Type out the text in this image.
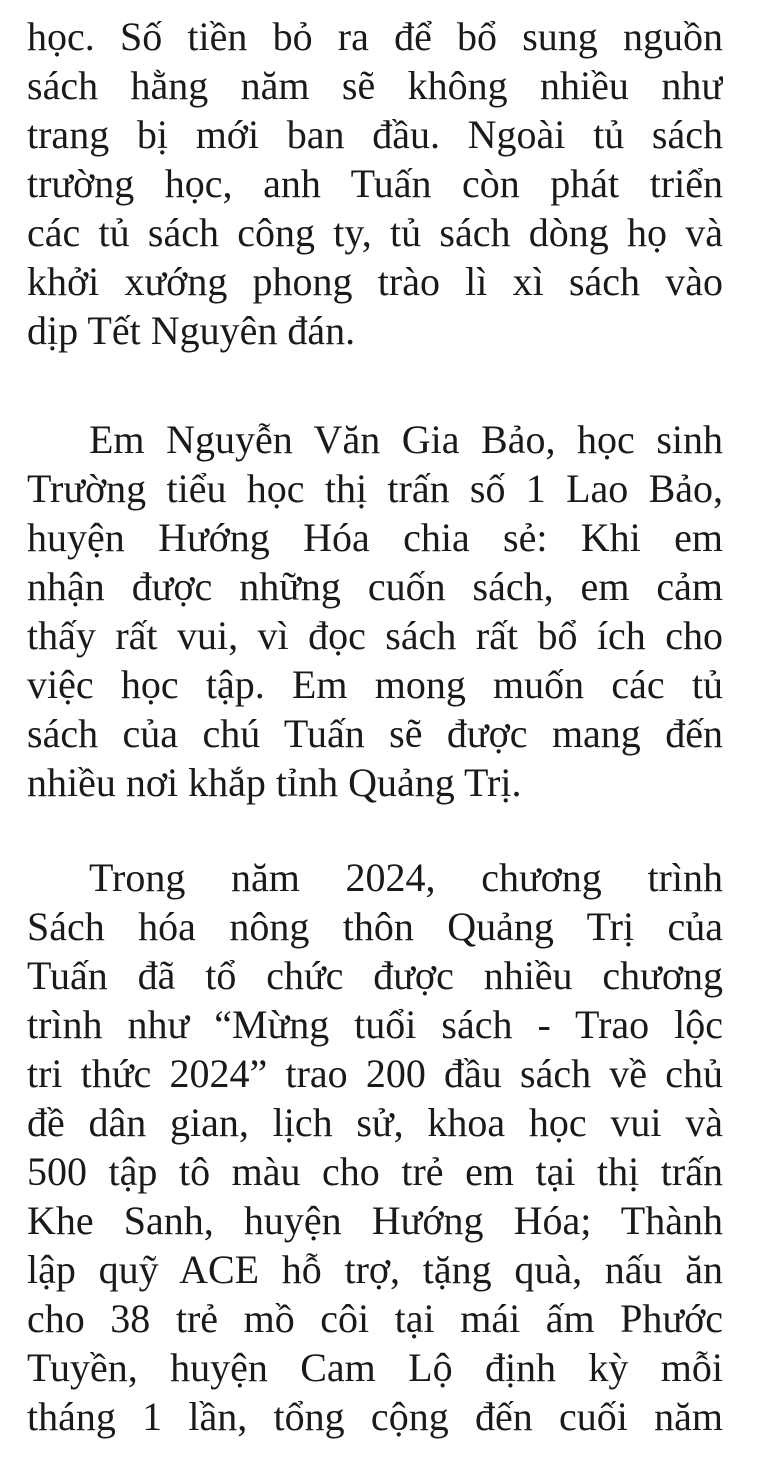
học. Số tiền bỏ ra để bổ sung nguồn
sách hằng năm sẽ không nhiều như
trang bị mới ban đầu. Ngoài tủ sách
trường học, anh Tuấn còn phát triển
các tủ sách công ty, tủ sách dòng họ và
khởi xướng phong trào lì xì sách vào
dịp Tết Nguyên đán.
Em Nguyễn Văn Gia Bảo, học sinh
Trường tiểu học thị trấn số 1 Lao Bảo,
huyện Hướng Hóa chia sẻ: Khi em
nhận được những cuốn sách, em cảm
thấy rất vui, vì đọc sách rất bổ ích cho
việc học tập. Em mong muốn các tủ
sách của chú Tuấn sẽ được mang đến
nhiều nơi khắp tỉnh Quảng Trị.
Trong năm 2024, chương trình
Sách hóa nông thôn Quảng Trị của
Tuấn đã tổ chức được nhiều chương
trình như “Mừng tuổi sách - Trao lộc
tri thức 2024” trao 200 đầu sách về chủ
đề dân gian, lịch sử, khoa học vui và
500 tập tô màu cho trẻ em tại thị trấn
Khe Sanh, huyện Hướng Hóa; Thành
lập quỹ ACE hỗ trợ, tặng quà, nấu ăn
cho 38 trẻ mồ côi tại mái ấm Phước
Tuyền, huyện Cam Lộ định kỳ mỗi
tháng 1 lần, tổng cộng đến cuối năm
